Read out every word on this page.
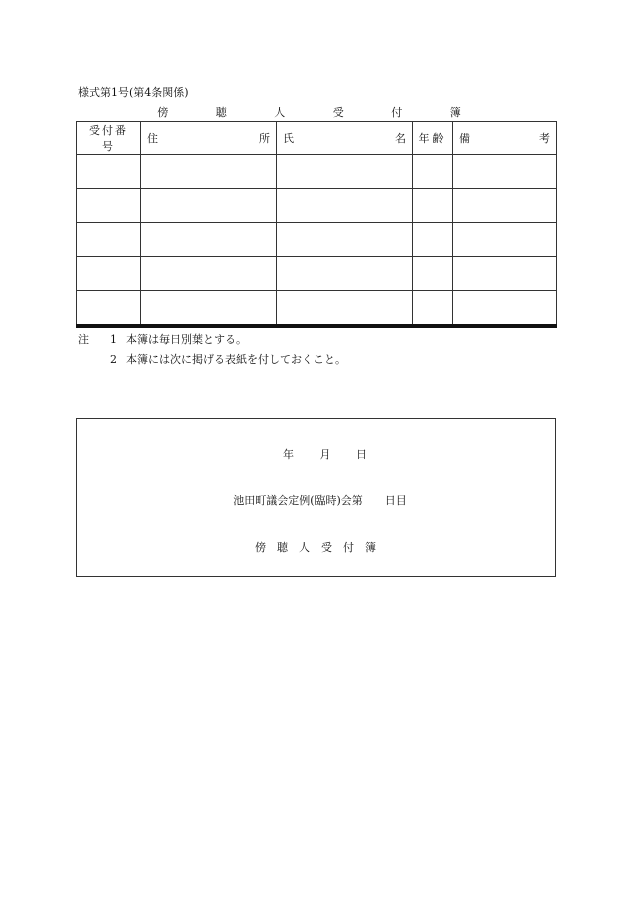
様式第1号(第4条関係)
傍 聴 人 受 付 簿
受付番号	住 所	氏 名	年齢	備 考

注	1 本簿は毎日別葉とする。
2 本簿には次に掲げる表紙を付しておくこと。
年 月 日
池田町議会定例(臨時)会第　　日目
傍聴人受付簿
